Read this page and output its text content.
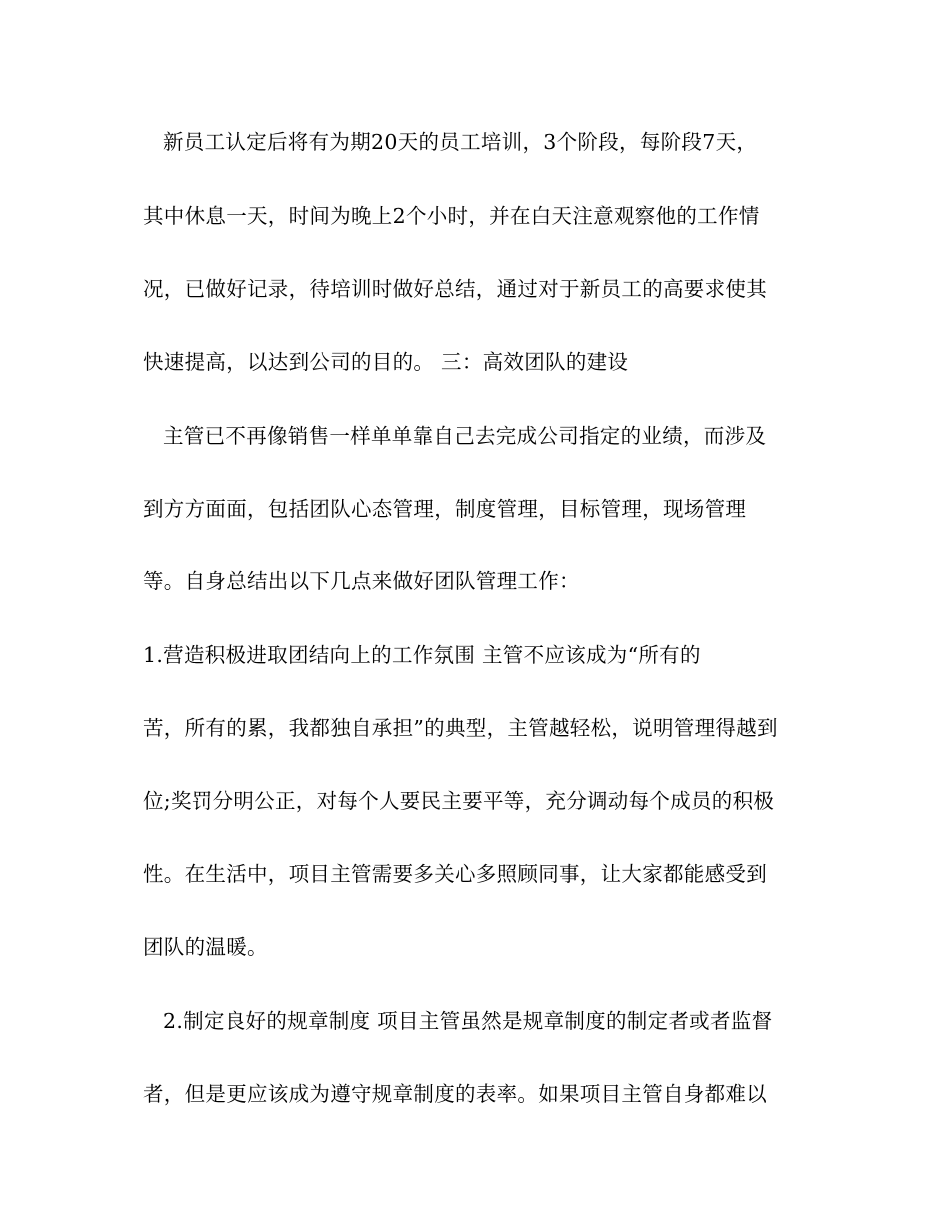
新员工认定后将有为期20天的员工培训，3个阶段，每阶段7天，
其中休息一天，时间为晚上2个小时，并在白天注意观察他的工作情
况，已做好记录，待培训时做好总结，通过对于新员工的高要求使其
快速提高，以达到公司的目的。 三：高效团队的建设
主管已不再像销售一样单单靠自己去完成公司指定的业绩，而涉及
到方方面面，包括团队心态管理，制度管理，目标管理，现场管理
等。自身总结出以下几点来做好团队管理工作：
1.营造积极进取团结向上的工作氛围 主管不应该成为“所有的
苦，所有的累，我都独自承担”的典型，主管越轻松，说明管理得越到
位;奖罚分明公正，对每个人要民主要平等，充分调动每个成员的积极
性。在生活中，项目主管需要多关心多照顾同事，让大家都能感受到
团队的温暖。
2.制定良好的规章制度 项目主管虽然是规章制度的制定者或者监督
者，但是更应该成为遵守规章制度的表率。如果项目主管自身都难以
